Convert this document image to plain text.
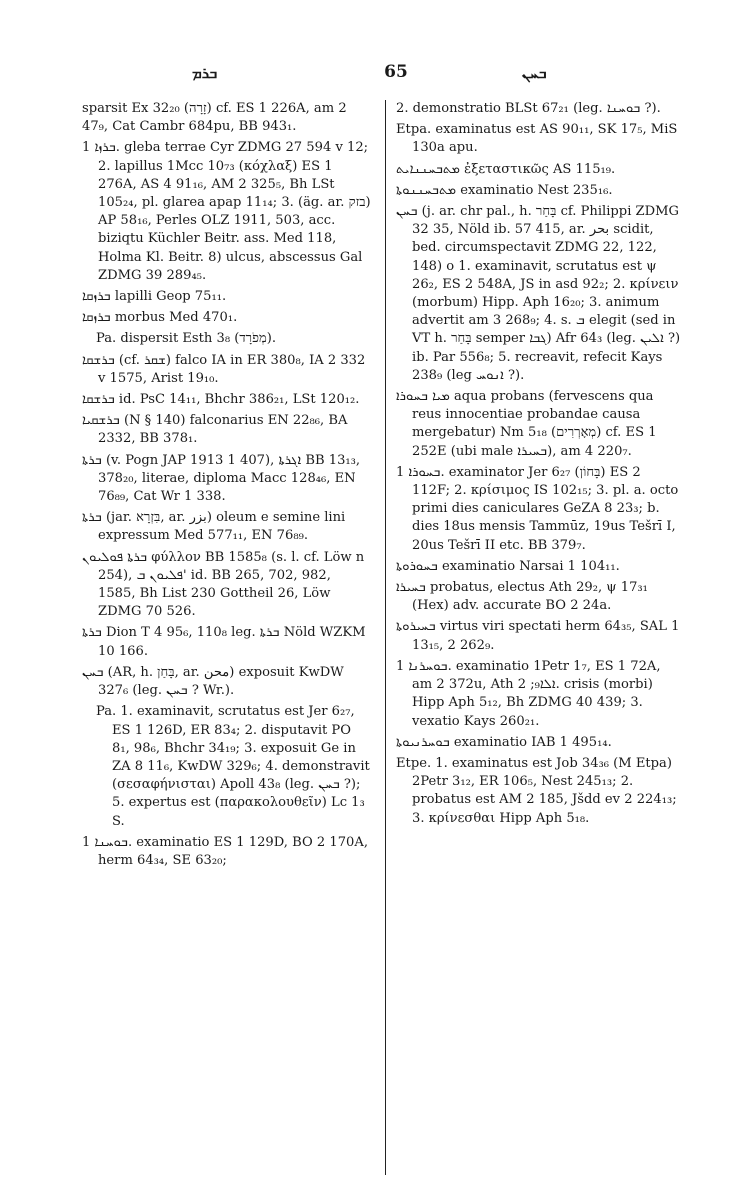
ܒܪܡ	65	ܒܚܢ

sparsit Ex 32₂₀ (זָרָה) cf. ES 1 226A, am 2 47₉, Cat Cambr 684pu, BB 943₁.

ܒܪܙܐ 1. gleba terrae Cyr ZDMG 27 594 v 12; 2. lapillus 1Mcc 10₇₃ (κόχλαξ) ES 1 276A, AS 4 91₁₆, AM 2 325₅, Bh LSt 105₂₄, pl. glarea apap 11₁₄; 3. (äg. ar. בזק) AP 58₁₆, Perles OLZ 1911, 503, acc. biziqtu Küchler Beitr. ass. Med 118, Holma Kl. Beitr. 8) ulcus, abscessus Gal ZDMG 39 289₄₅.

ܒܪܙܩܐ lapilli Geop 75₁₁.

ܒܪܙܩܐ morbus Med 470₁.

Pa. dispersit Esth 3₈ (מְפֹרָד).

ܒܪܫܩܐ (cf. ܫܩܪ) falco IA in ER 380₈, IA 2 332 v 1575, Arist 19₁₀.

ܒܪܫܩܐ id. PsC 14₁₁, Bhchr 386₂₁, LSt 120₁₂.

ܒܪܫܩܝܐ (N § 140) falconarius EN 22₈₆, BA 2332, BB 378₁.

ܒܪܬܐ (v. Pogn JAP 1913 1 407), ܐܓܪܬܐ BB 13₁₃, 378₂₀, literae, diploma Macc 128₄₆, EN 76₈₉, Cat Wr 1 338.

ܒܪܬܐ (jar. בִּזְרָא, ar. بزر) oleum e semine lini expressum Med 577₁₁, EN 76₈₉.

ܒܪܬܐ ܦܘܠܝܘܢ φύλλον BB 1585₈ (s. l. cf. Löw n 254), ܦܠܝܘܢ ܒ' id. BB 265, 702, 982, 1585, Bh List 230 Gottheil 26, Löw ZDMG 70 526.

ܒܪܬܐ Dion T 4 95₆, 110₈ leg. ܒܪܬܐ Nöld WZKM 10 166.

ܒܚܢ (AR, h. בָּחַן, ar. محن) exposuit KwDW 327₆ (leg. ܒܚܢ ? Wr.).

Pa. 1. examinavit, scrutatus est Jer 6₂₇, ES 1 126D, ER 83₄; 2. disputavit PO 8₁, 98₆, Bhchr 34₁₉; 3. exposuit Ge in ZA 8 11₆, KwDW 329₆; 4. demonstravit (σεσαφήνισται) Apoll 43₈ (leg. ܒܚܢ ?); 5. expertus est (παρακολουθεῖν) Lc 1₃ S.

ܒܘܚܢܐ 1. examinatio ES 1 129D, BO 2 170A, herm 64₃₄, SE 63₂₀;

2. demonstratio BLSt 67₂₁ (leg. ܒܘܚܢܐ ?).

Etpa. examinatus est AS 90₁₁, SK 17₅, MiS 130a apu.

ܡܬܒܚܢܢܐܝܬ ἐξεταστικῶς AS 115₁₉.

ܡܬܒܚܢܢܘܬܐ examinatio Nest 235₁₆.

ܒܚܢ (j. ar. chr pal., h. בָּחַר cf. Philippi ZDMG 32 35, Nöld ib. 57 415, ar. بحر scidit, bed. circumspectavit ZDMG 22, 122, 148) o 1. examinavit, scrutatus est ψ 26₂, ES 2 548A, JS in asd 92₂; 2. κρίνειν (morbum) Hipp. Aph 16₂₀; 3. animum advertit am 3 268₉; 4. s. ܒ elegit (sed in VT h. בָּחַר semper ܓܒܐ) Afr 64₃ (leg. ܐܠܝܢ ?) ib. Par 556₈; 5. recreavit, refecit Kays 238₉ (leg ܐܢܘܚ ?).

ܡܝܐ ܒܚܘܪܐ aqua probans (fervescens qua reus innocentiae probandae causa mergebatur) Nm 5₁₈ (מְאָרְרִים) cf. ES 1 252E (ubi male ܒܚܝܪܐ), am 4 220₇.

ܒܚܘܪܐ 1. examinator Jer 6₂₇ (בָּחוֹן) ES 2 112F; 2. κρίσιμος IS 102₁₅; 3. pl. a. octo primi dies caniculares GeZA 8 23₃; b. dies 18us mensis Tammūz, 19us Tešrī I, 20us Tešrī II etc. BB 379₇.

ܒܚܘܪܘܬܐ examinatio Narsai 1 104₁₁.

ܒܚܝܪܐ probatus, electus Ath 29₂, ψ 17₃₁ (Hex) adv. accurate BO 2 24a.

ܒܚܝܪܘܬܐ virtus viri spectati herm 64₃₅, SAL 1 13₁₅, 2 262₉.

ܒܘܚܪܢܐ 1. examinatio 1Petr 1₇, ES 1 72A, am 2 372u, Ath ܐܠܐ₉; 2. crisis (morbi) Hipp Aph 5₁₂, Bh ZDMG 40 439; 3. vexatio Kays 260₂₁.

ܒܘܚܪܢܝܘܬܐ examinatio IAB 1 495₁₄.

Etpe. 1. examinatus est Job 34₃₆ (M Etpa) 2Petr 3₁₂, ER 106₅, Nest 245₁₃; 2. probatus est AM 2 185, Jšdd ev 2 224₁₃; 3. κρίνεσθαι Hipp Aph 5₁₈.
